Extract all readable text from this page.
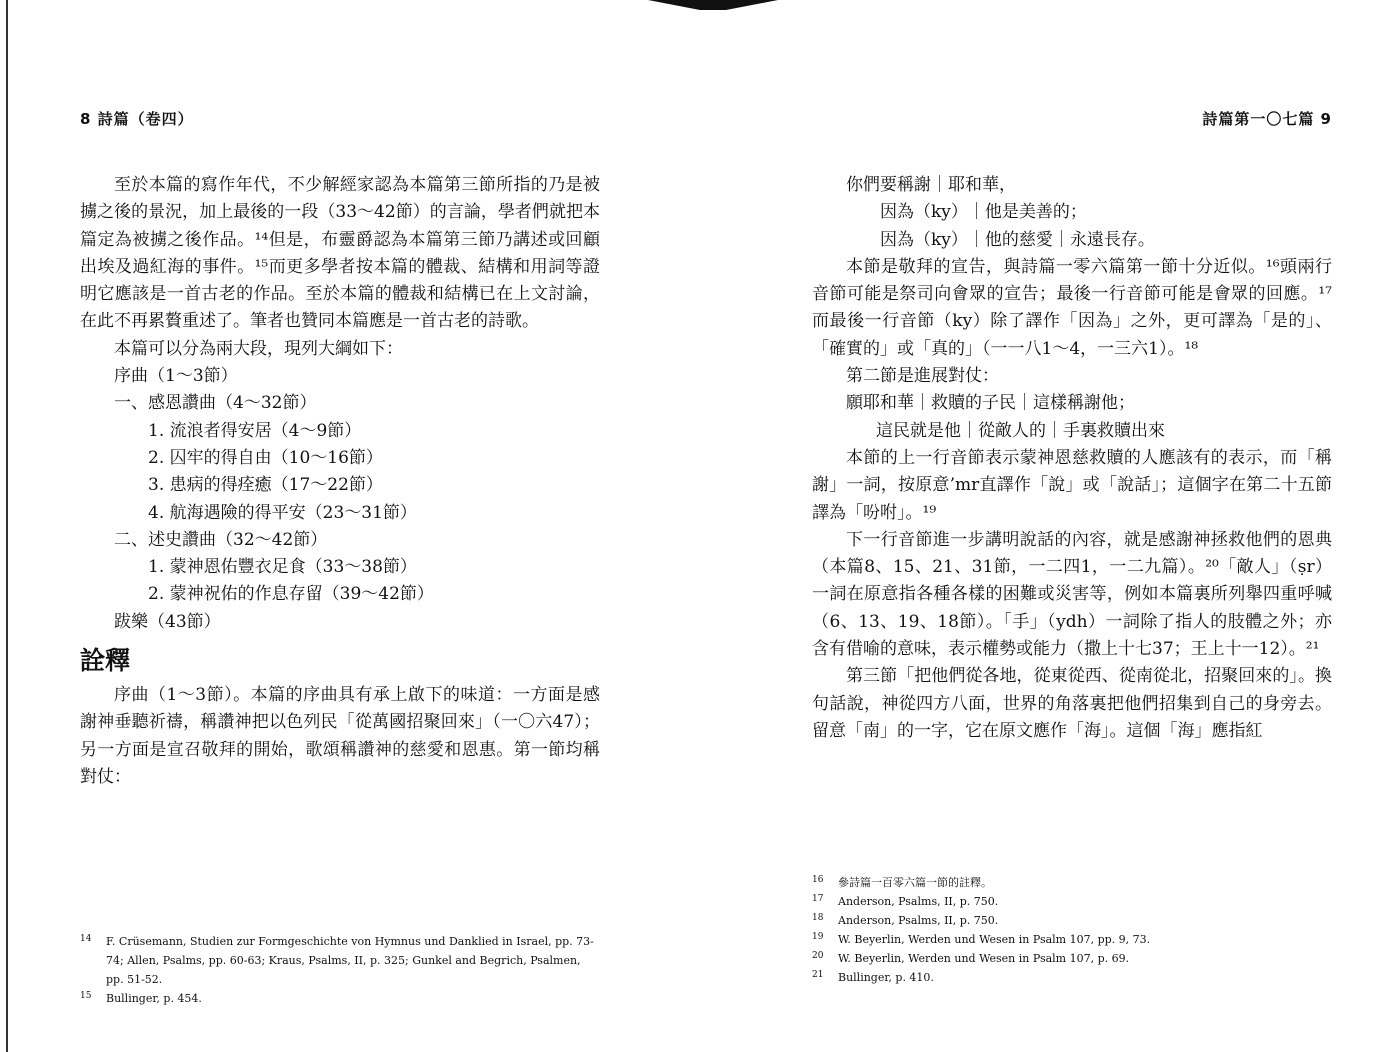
8 詩篇（卷四）

至於本篇的寫作年代，不少解經家認為本篇第三節所指的乃是被擄之後的景況，加上最後的一段（33～42節）的言論，學者們就把本篇定為被擄之後作品。¹⁴但是，布靈爵認為本篇第三節乃講述或回顧出埃及過紅海的事件。¹⁵而更多學者按本篇的體裁、結構和用詞等證明它應該是一首古老的作品。至於本篇的體裁和結構已在上文討論，在此不再累贅重述了。筆者也贊同本篇應是一首古老的詩歌。

本篇可以分為兩大段，現列大綱如下：

序曲（1～3節）

一、感恩讚曲（4～32節）

1. 流浪者得安居（4～9節）

2. 囚牢的得自由（10～16節）

3. 患病的得痊癒（17～22節）

4. 航海遇險的得平安（23～31節）

二、述史讚曲（32～42節）

1. 蒙神恩佑豐衣足食（33～38節）

2. 蒙神祝佑的作息存留（39～42節）

跋樂（43節）

詮釋

序曲（1～3節）。本篇的序曲具有承上啟下的味道：一方面是感謝神垂聽祈禱，稱讚神把以色列民「從萬國招聚回來」（一〇六47）；另一方面是宣召敬拜的開始，歌頌稱讚神的慈愛和恩惠。第一節均稱對仗：

14	F. Crüsemann, Studien zur Formgeschichte von Hymnus und Danklied in Israel, pp. 73-74; Allen, Psalms, pp. 60-63; Kraus, Psalms, II, p. 325; Gunkel and Begrich, Psalmen, pp. 51-52.
15	Bullinger, p. 454.
詩篇第一〇七篇 9

你們要稱謝｜耶和華，

因為（ky）｜他是美善的；

因為（ky）｜他的慈愛｜永遠長存。

本節是敬拜的宣告，與詩篇一零六篇第一節十分近似。¹⁶頭兩行音節可能是祭司向會眾的宣告；最後一行音節可能是會眾的回應。¹⁷而最後一行音節（ky）除了譯作「因為」之外，更可譯為「是的」、「確實的」或「真的」（一一八1～4，一三六1）。¹⁸

第二節是進展對仗：

願耶和華｜救贖的子民｜這樣稱謝他；

這民就是他｜從敵人的｜手裏救贖出來

本節的上一行音節表示蒙神恩慈救贖的人應該有的表示，而「稱謝」一詞，按原意’mr直譯作「說」或「說話」；這個字在第二十五節譯為「吩咐」。¹⁹

下一行音節進一步講明說話的內容，就是感謝神拯救他們的恩典（本篇8、15、21、31節，一二四1，一二九篇）。²⁰「敵人」（ṣr）一詞在原意指各種各樣的困難或災害等，例如本篇裏所列舉四重呼喊（6、13、19、18節）。「手」（ydh）一詞除了指人的肢體之外；亦含有借喻的意味，表示權勢或能力（撒上十七37；王上十一12）。²¹

第三節「把他們從各地，從東從西、從南從北，招聚回來的」。換句話說，神從四方八面，世界的角落裏把他們招集到自己的身旁去。留意「南」的一字，它在原文應作「海」。這個「海」應指紅

16	參詩篇一百零六篇一節的註釋。
17	Anderson, Psalms, II, p. 750.
18	Anderson, Psalms, II, p. 750.
19	W. Beyerlin, Werden und Wesen in Psalm 107, pp. 9, 73.
20	W. Beyerlin, Werden und Wesen in Psalm 107, p. 69.
21	Bullinger, p. 410.
